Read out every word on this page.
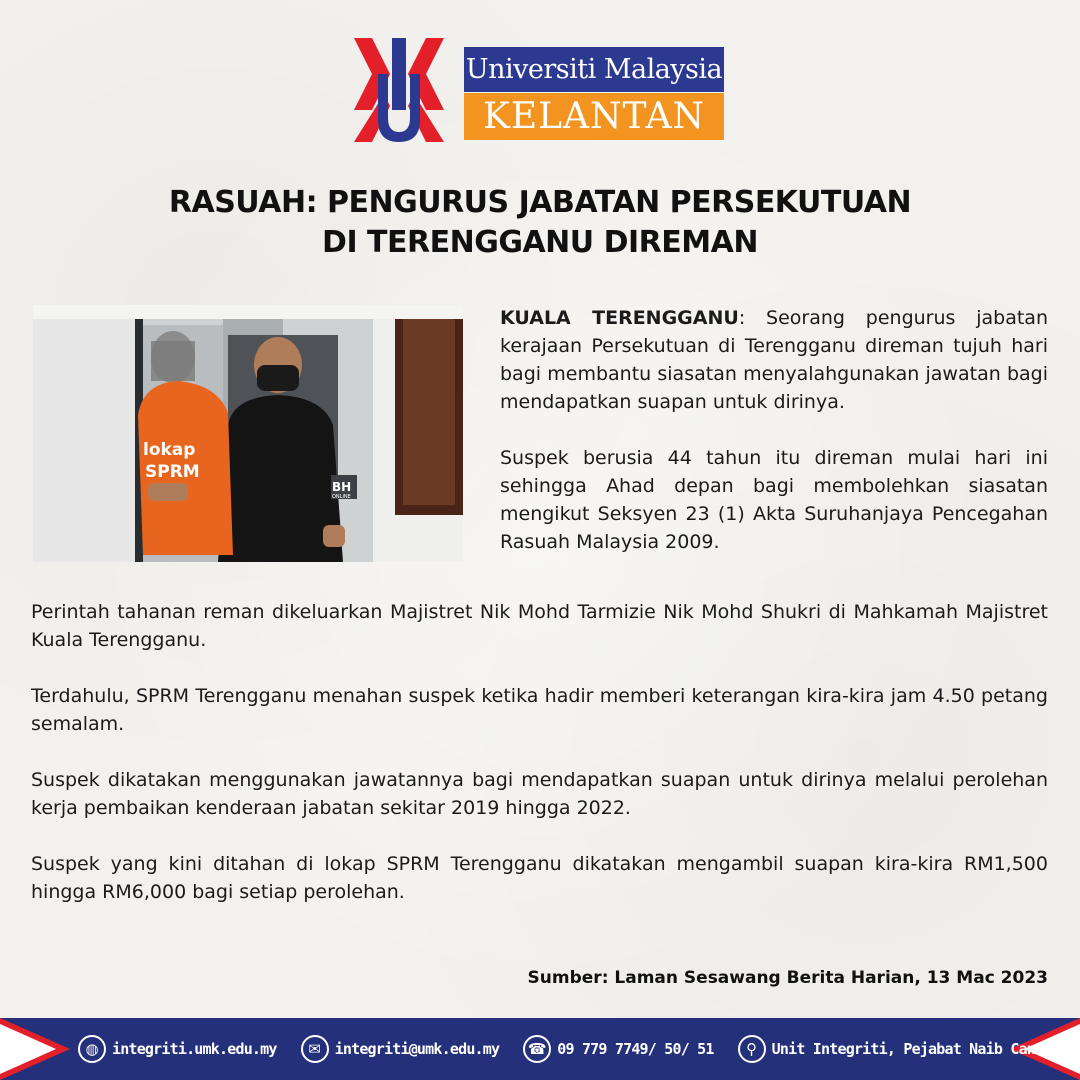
Universiti Malaysia
KELANTAN
RASUAH: PENGURUS JABATAN PERSEKUTUAN
DI TERENGGANU DIREMAN
lokap
SPRM
BH
ONLINE

KUALA TERENGGANU: Seorang pengurus jabatan kerajaan Persekutuan di Terengganu direman tujuh hari bagi membantu siasatan menyalahgunakan jawatan bagi mendapatkan suapan untuk dirinya.

Suspek berusia 44 tahun itu direman mulai hari ini sehingga Ahad depan bagi membolehkan siasatan mengikut Seksyen 23 (1) Akta Suruhanjaya Pencegahan Rasuah Malaysia 2009.

Perintah tahanan reman dikeluarkan Majistret Nik Mohd Tarmizie Nik Mohd Shukri di Mahkamah Majistret Kuala Terengganu.

Terdahulu, SPRM Terengganu menahan suspek ketika hadir memberi keterangan kira-kira jam 4.50 petang semalam.

Suspek dikatakan menggunakan jawatannya bagi mendapatkan suapan untuk dirinya melalui perolehan kerja pembaikan kenderaan jabatan sekitar 2019 hingga 2022.

Suspek yang kini ditahan di lokap SPRM Terengganu dikatakan mengambil suapan kira-kira RM1,500 hingga RM6,000 bagi setiap perolehan.

Sumber: Laman Sesawang Berita Harian, 13 Mac 2023
◍ integriti.umk.edu.my	✉ integriti@umk.edu.my	☎ 09 779 7749/ 50/ 51	⚲ Unit Integriti, Pejabat Naib Canselor
